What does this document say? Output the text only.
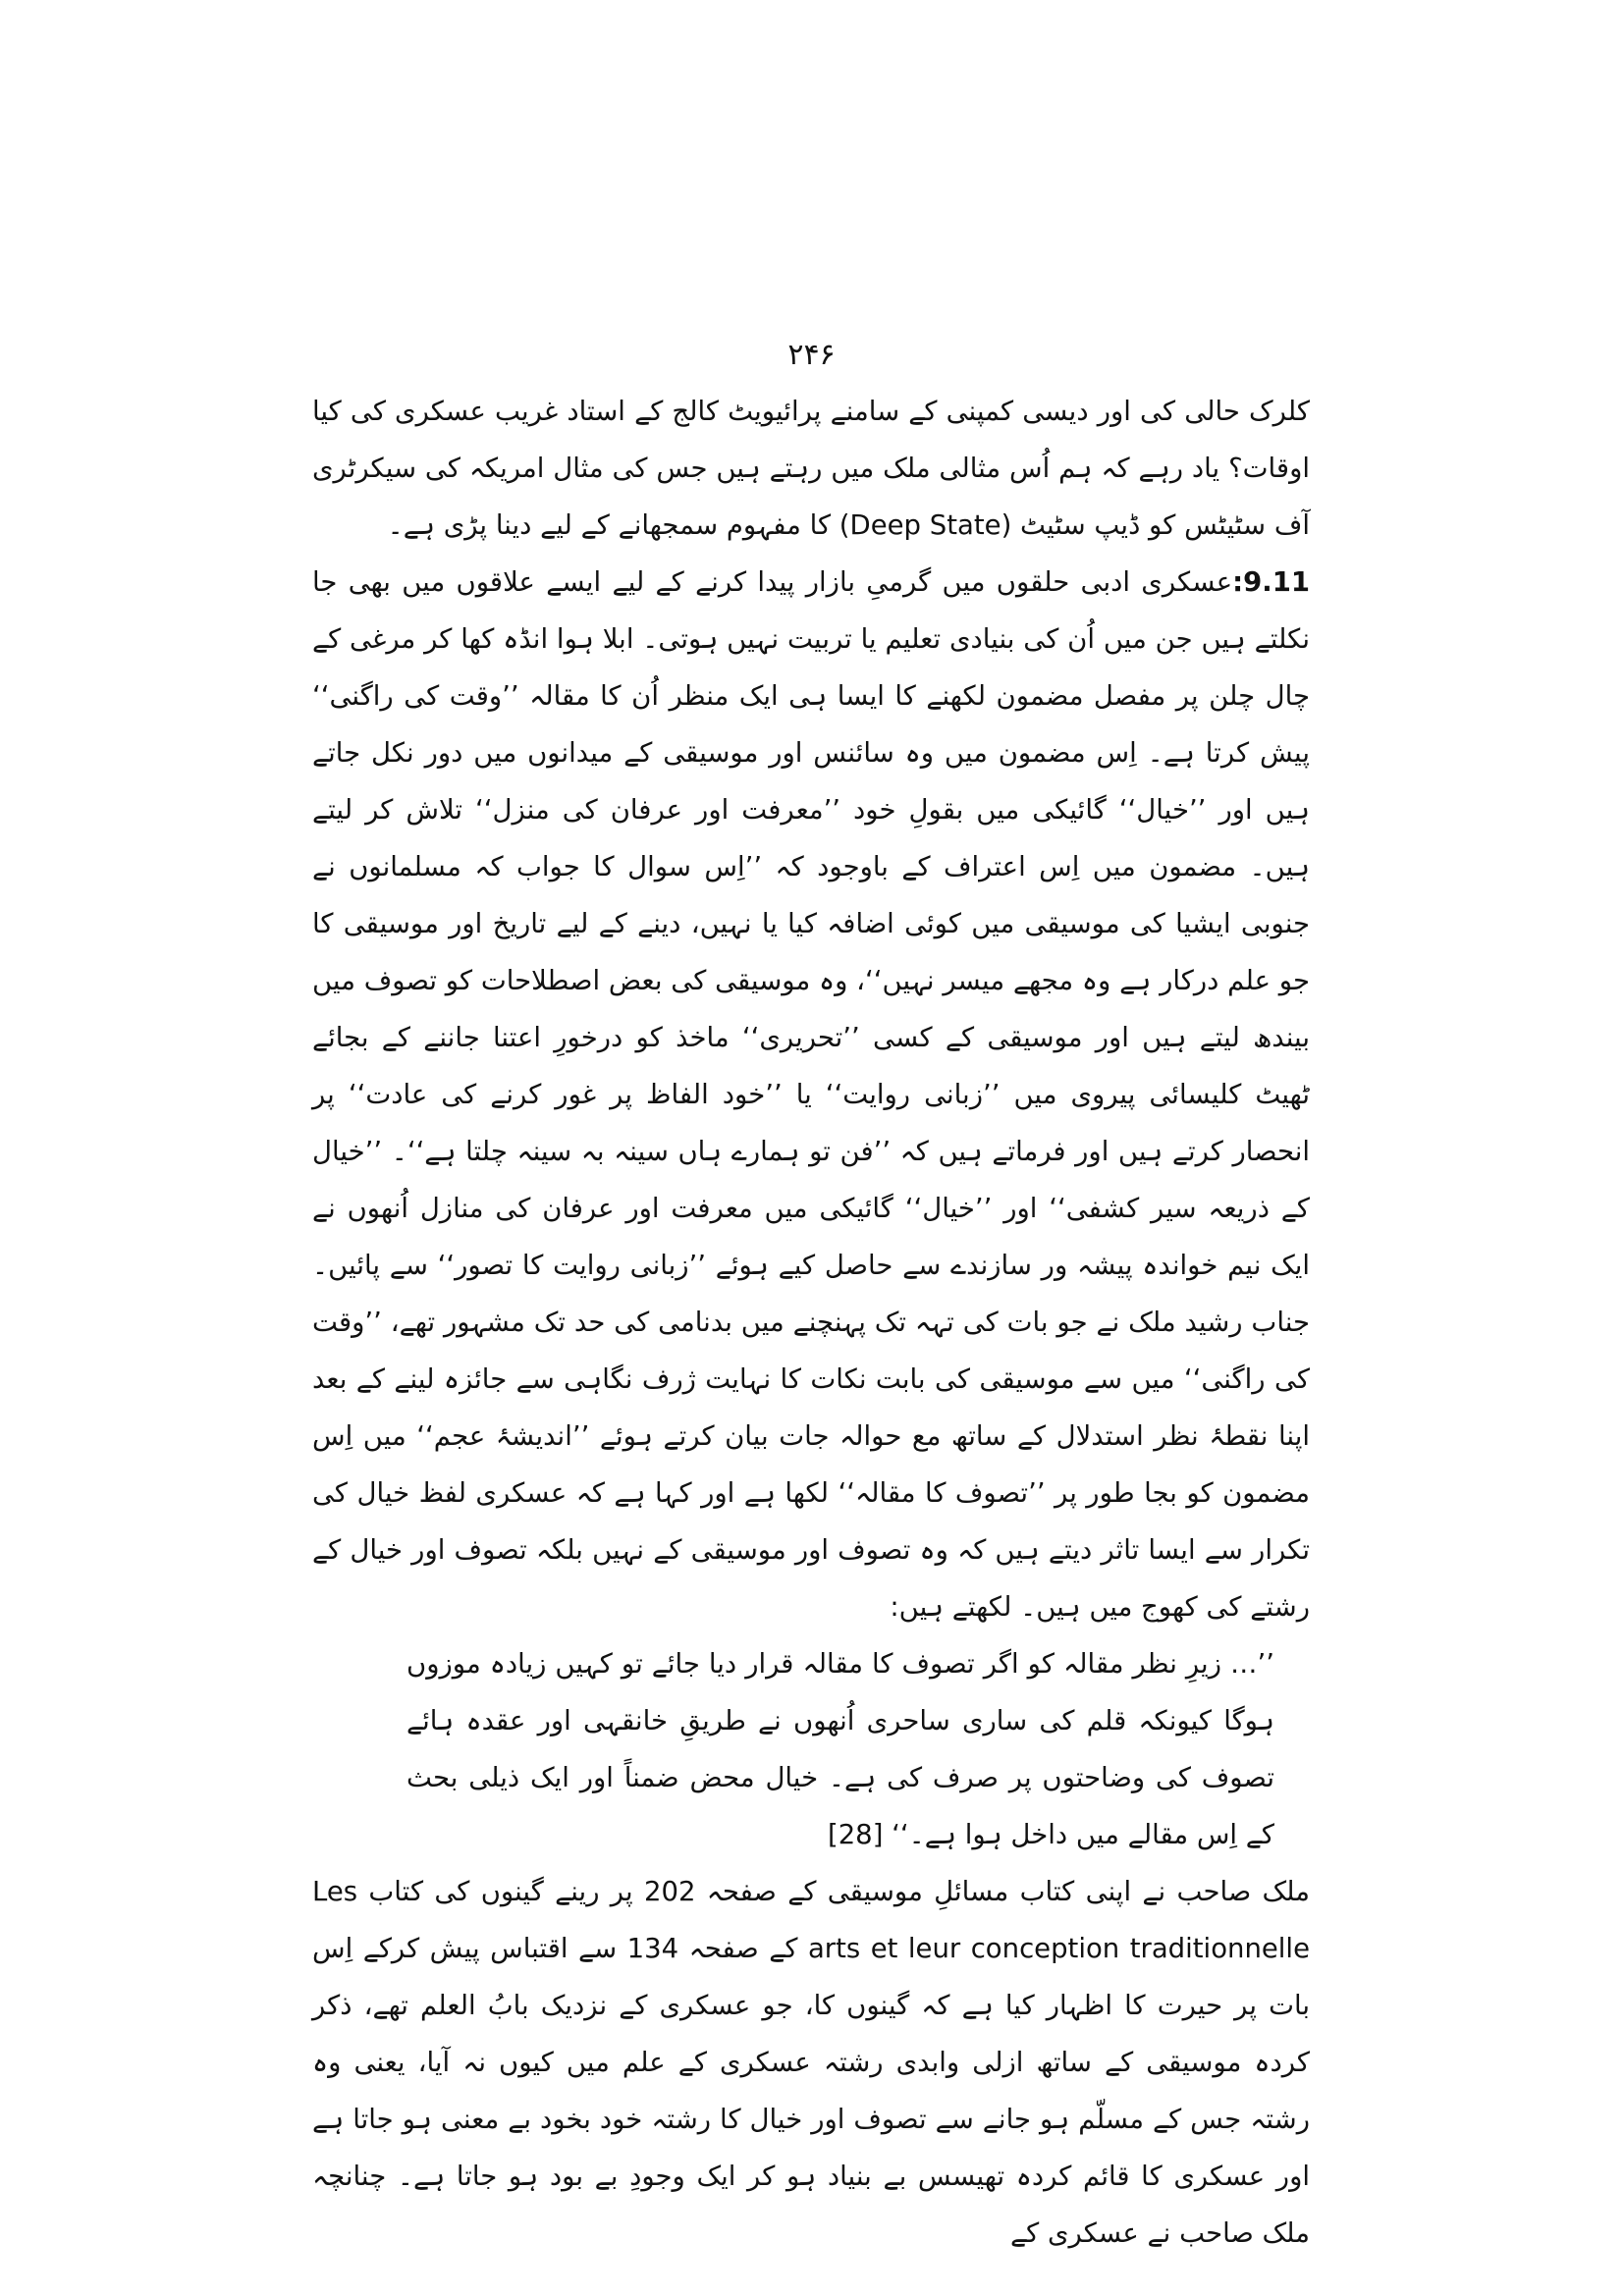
۲۴۶

کلرک حالی کی اور دیسی کمپنی کے سامنے پرائیویٹ کالج کے استاد غریب عسکری کی کیا اوقات؟ یاد رہے کہ ہم اُس مثالی ملک میں رہتے ہیں جس کی مثال امریکہ کی سیکرٹری آف سٹیٹس کو ڈیپ سٹیٹ (Deep State) کا مفہوم سمجھانے کے لیے دینا پڑی ہے۔

9.11:عسکری ادبی حلقوں میں گرمیِ بازار پیدا کرنے کے لیے ایسے علاقوں میں بھی جا نکلتے ہیں جن میں اُن کی بنیادی تعلیم یا تربیت نہیں ہوتی۔ ابلا ہوا انڈہ کھا کر مرغی کے چال چلن پر مفصل مضمون لکھنے کا ایسا ہی ایک منظر اُن کا مقالہ ’’وقت کی راگنی‘‘ پیش کرتا ہے۔ اِس مضمون میں وہ سائنس اور موسیقی کے میدانوں میں دور نکل جاتے ہیں اور ’’خیال‘‘ گائیکی میں بقولِ خود ’’معرفت اور عرفان کی منزل‘‘ تلاش کر لیتے ہیں۔ مضمون میں اِس اعتراف کے باوجود کہ ’’اِس سوال کا جواب کہ مسلمانوں نے جنوبی ایشیا کی موسیقی میں کوئی اضافہ کیا یا نہیں، دینے کے لیے تاریخ اور موسیقی کا جو علم درکار ہے وہ مجھے میسر نہیں‘‘، وہ موسیقی کی بعض اصطلاحات کو تصوف میں بیندھ لیتے ہیں اور موسیقی کے کسی ’’تحریری‘‘ ماخذ کو درخورِ اعتنا جاننے کے بجائے ٹھیٹ کلیسائی پیروی میں ’’زبانی روایت‘‘ یا ’’خود الفاظ پر غور کرنے کی عادت‘‘ پر انحصار کرتے ہیں اور فرماتے ہیں کہ ’’فن تو ہمارے ہاں سینہ بہ سینہ چلتا ہے‘‘۔ ’’خیال کے ذریعہ سیر کشفی‘‘ اور ’’خیال‘‘ گائیکی میں معرفت اور عرفان کی منازل اُنھوں نے ایک نیم خواندہ پیشہ ور سازندے سے حاصل کیے ہوئے ’’زبانی روایت کا تصور‘‘ سے پائیں۔ جناب رشید ملک نے جو بات کی تہہ تک پہنچنے میں بدنامی کی حد تک مشہور تھے، ’’وقت کی راگنی‘‘ میں سے موسیقی کی بابت نکات کا نہایت ژرف نگاہی سے جائزہ لینے کے بعد اپنا نقطۂ نظر استدلال کے ساتھ مع حوالہ جات بیان کرتے ہوئے ’’اندیشۂ عجم‘‘ میں اِس مضمون کو بجا طور پر ’’تصوف کا مقالہ‘‘ لکھا ہے اور کہا ہے کہ عسکری لفظ خیال کی تکرار سے ایسا تاثر دیتے ہیں کہ وہ تصوف اور موسیقی کے نہیں بلکہ تصوف اور خیال کے رشتے کی کھوج میں ہیں۔ لکھتے ہیں:

’’… زیرِ نظر مقالہ کو اگر تصوف کا مقالہ قرار دیا جائے تو کہیں زیادہ موزوں ہوگا کیونکہ قلم کی ساری ساحری اُنھوں نے طریقِ خانقہی اور عقدہ ہائے تصوف کی وضاحتوں پر صرف کی ہے۔ خیال محض ضمناً اور ایک ذیلی بحث کے اِس مقالے میں داخل ہوا ہے۔‘‘ [28]

ملک صاحب نے اپنی کتاب مسائلِ موسیقی کے صفحہ 202 پر رینے گینوں کی کتاب Les arts et leur conception traditionnelle کے صفحہ 134 سے اقتباس پیش کرکے اِس بات پر حیرت کا اظہار کیا ہے کہ گینوں کا، جو عسکری کے نزدیک بابُ العلم تھے، ذکر کردہ موسیقی کے ساتھ ازلی وابدی رشتہ عسکری کے علم میں کیوں نہ آیا، یعنی وہ رشتہ جس کے مسلّم ہو جانے سے تصوف اور خیال کا رشتہ خود بخود بے معنی ہو جاتا ہے اور عسکری کا قائم کردہ تھیسس بے بنیاد ہو کر ایک وجودِ بے بود ہو جاتا ہے۔ چنانچہ ملک صاحب نے عسکری کے
